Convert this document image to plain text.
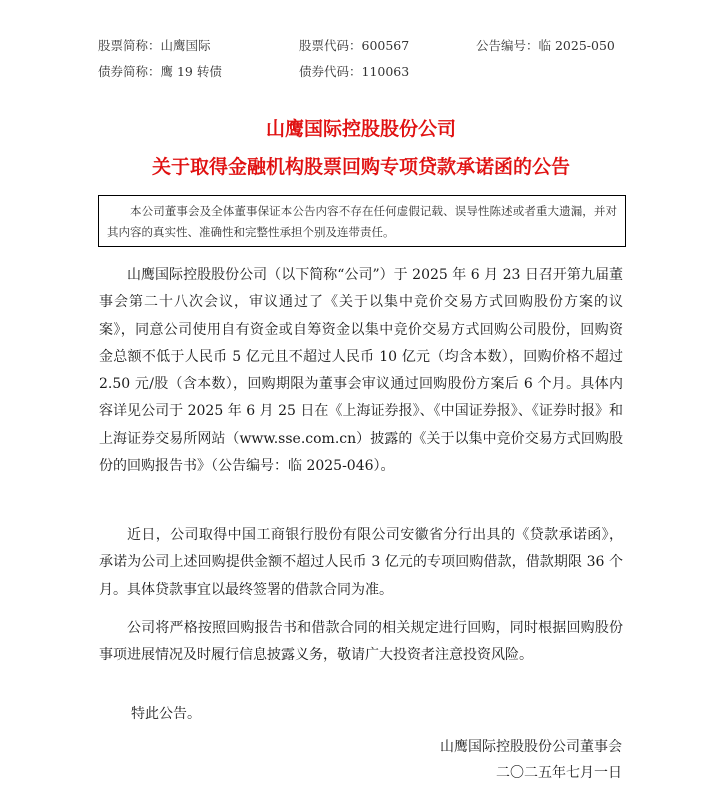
股票简称：山鹰国际	股票代码：600567	公告编号：临 2025-050
债券简称：鹰 19 转债	债券代码：110063
山鹰国际控股股份公司
关于取得金融机构股票回购专项贷款承诺函的公告
本公司董事会及全体董事保证本公告内容不存在任何虚假记载、误导性陈述或者重大遗漏，并对其内容的真实性、准确性和完整性承担个别及连带责任。
山鹰国际控股股份公司（以下简称“公司”）于 2025 年 6 月 23 日召开第九届董事会第二十八次会议，审议通过了《关于以集中竞价交易方式回购股份方案的议案》，同意公司使用自有资金或自筹资金以集中竞价交易方式回购公司股份，回购资金总额不低于人民币 5 亿元且不超过人民币 10 亿元（均含本数），回购价格不超过 2.50 元/股（含本数），回购期限为董事会审议通过回购股份方案后 6 个月。具体内容详见公司于 2025 年 6 月 25 日在《上海证券报》、《中国证券报》、《证券时报》和上海证券交易所网站（www.sse.com.cn）披露的《关于以集中竞价交易方式回购股份的回购报告书》（公告编号：临 2025-046）。
近日，公司取得中国工商银行股份有限公司安徽省分行出具的《贷款承诺函》，承诺为公司上述回购提供金额不超过人民币 3 亿元的专项回购借款，借款期限 36 个月。具体贷款事宜以最终签署的借款合同为准。
公司将严格按照回购报告书和借款合同的相关规定进行回购，同时根据回购股份事项进展情况及时履行信息披露义务，敬请广大投资者注意投资风险。
特此公告。
山鹰国际控股股份公司董事会
二〇二五年七月一日
